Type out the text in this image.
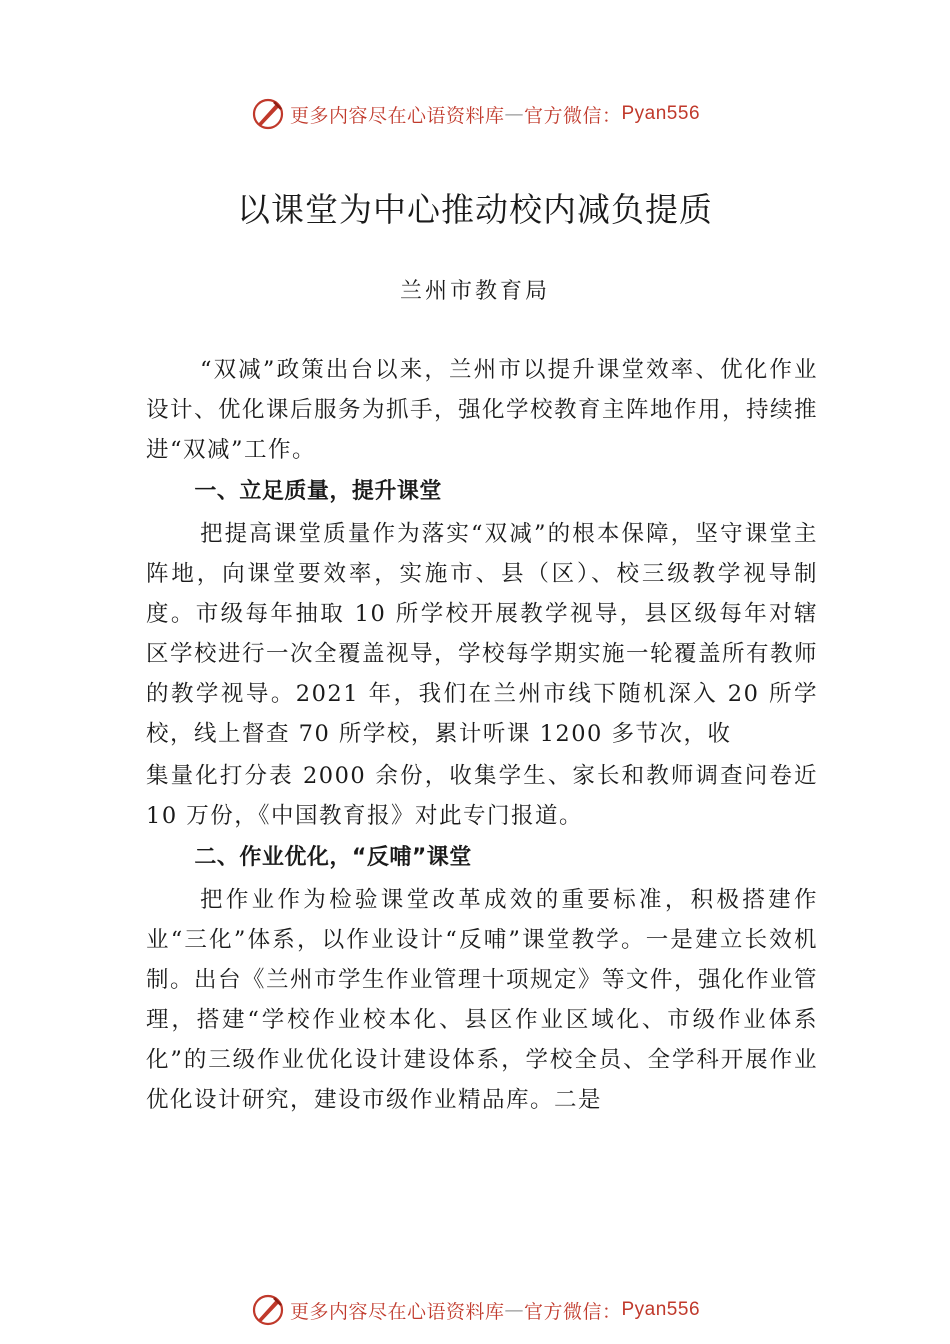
更多内容尽在心语资料库 — 官方微信： Pyan556
以课堂为中心推动校内减负提质
兰州市教育局

“双减”政策出台以来，兰州市以提升课堂效率、优化作业设计、优化课后服务为抓手，强化学校教育主阵地作用，持续推进“双减”工作。

一、立足质量，提升课堂

把提高课堂质量作为落实“双减”的根本保障，坚守课堂主阵地，向课堂要效率，实施市、县（区）、校三级教学视导制度。市级每年抽取 10 所学校开展教学视导，县区级每年对辖区学校进行一次全覆盖视导，学校每学期实施一轮覆盖所有教师的教学视导。2021 年，我们在兰州市线下随机深入 20 所学校，线上督查 70 所学校，累计听课 1200 多节次，收

集量化打分表 2000 余份，收集学生、家长和教师调查问卷近 10 万份，《中国教育报》对此专门报道。

二、作业优化，“反哺”课堂

把作业作为检验课堂改革成效的重要标准，积极搭建作业“三化”体系，以作业设计“反哺”课堂教学。一是建立长效机制。出台《兰州市学生作业管理十项规定》等文件，强化作业管理，搭建“学校作业校本化、县区作业区域化、市级作业体系化”的三级作业优化设计建设体系，学校全员、全学科开展作业优化设计研究，建设市级作业精品库。二是

更多内容尽在心语资料库 — 官方微信： Pyan556
